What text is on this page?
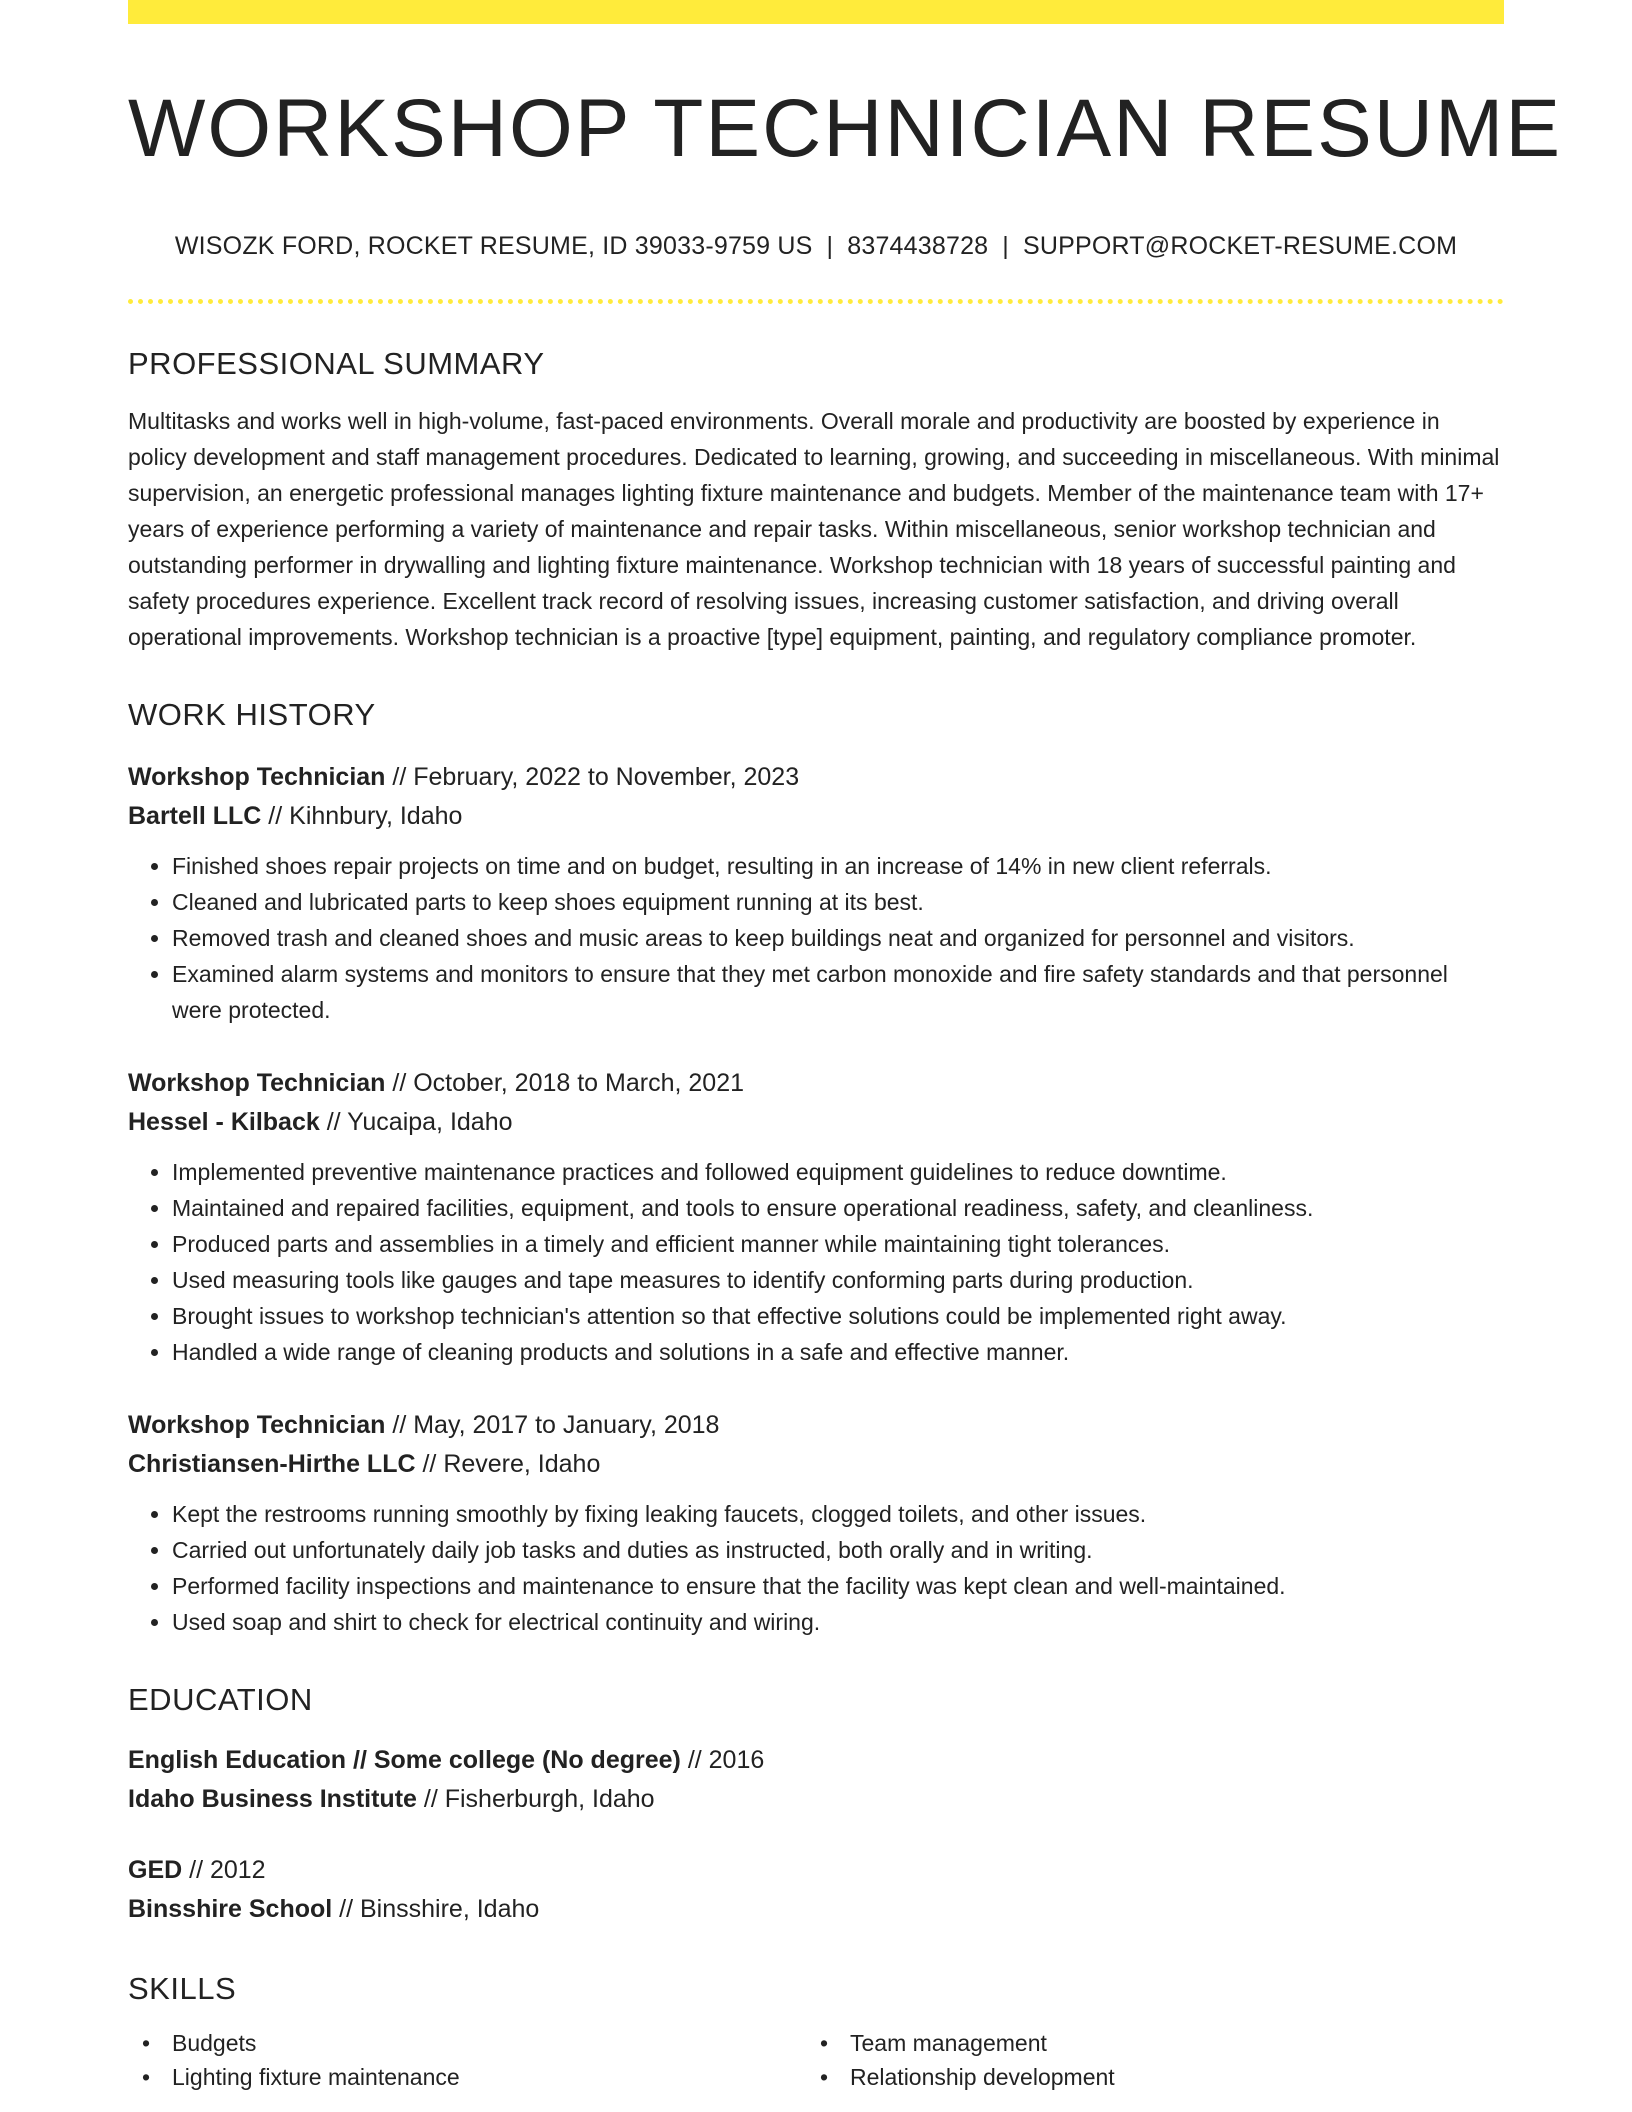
WORKSHOP TECHNICIAN RESUME
WISOZK FORD, ROCKET RESUME, ID 39033-9759 US | 8374438728 | SUPPORT@ROCKET-RESUME.COM
PROFESSIONAL SUMMARY

Multitasks and works well in high-volume, fast-paced environments. Overall morale and productivity are boosted by experience in policy development and staff management procedures. Dedicated to learning, growing, and succeeding in miscellaneous. With minimal supervision, an energetic professional manages lighting fixture maintenance and budgets. Member of the maintenance team with 17+ years of experience performing a variety of maintenance and repair tasks. Within miscellaneous, senior workshop technician and outstanding performer in drywalling and lighting fixture maintenance. Workshop technician with 18 years of successful painting and safety procedures experience. Excellent track record of resolving issues, increasing customer satisfaction, and driving overall operational improvements. Workshop technician is a proactive [type] equipment, painting, and regulatory compliance promoter.

WORK HISTORY
Workshop Technician // February, 2022 to November, 2023
Bartell LLC // Kihnbury, Idaho
• Finished shoes repair projects on time and on budget, resulting in an increase of 14% in new client referrals.
• Cleaned and lubricated parts to keep shoes equipment running at its best.
• Removed trash and cleaned shoes and music areas to keep buildings neat and organized for personnel and visitors.
• Examined alarm systems and monitors to ensure that they met carbon monoxide and fire safety standards and that personnel were protected.
Workshop Technician // October, 2018 to March, 2021
Hessel - Kilback // Yucaipa, Idaho
• Implemented preventive maintenance practices and followed equipment guidelines to reduce downtime.
• Maintained and repaired facilities, equipment, and tools to ensure operational readiness, safety, and cleanliness.
• Produced parts and assemblies in a timely and efficient manner while maintaining tight tolerances.
• Used measuring tools like gauges and tape measures to identify conforming parts during production.
• Brought issues to workshop technician's attention so that effective solutions could be implemented right away.
• Handled a wide range of cleaning products and solutions in a safe and effective manner.
Workshop Technician // May, 2017 to January, 2018
Christiansen-Hirthe LLC // Revere, Idaho
• Kept the restrooms running smoothly by fixing leaking faucets, clogged toilets, and other issues.
• Carried out unfortunately daily job tasks and duties as instructed, both orally and in writing.
• Performed facility inspections and maintenance to ensure that the facility was kept clean and well-maintained.
• Used soap and shirt to check for electrical continuity and wiring.
EDUCATION
English Education // Some college (No degree) // 2016
Idaho Business Institute // Fisherburgh, Idaho
GED // 2012
Binsshire School // Binsshire, Idaho
SKILLS
• Budgets	• Team management
• Lighting fixture maintenance	• Relationship development
